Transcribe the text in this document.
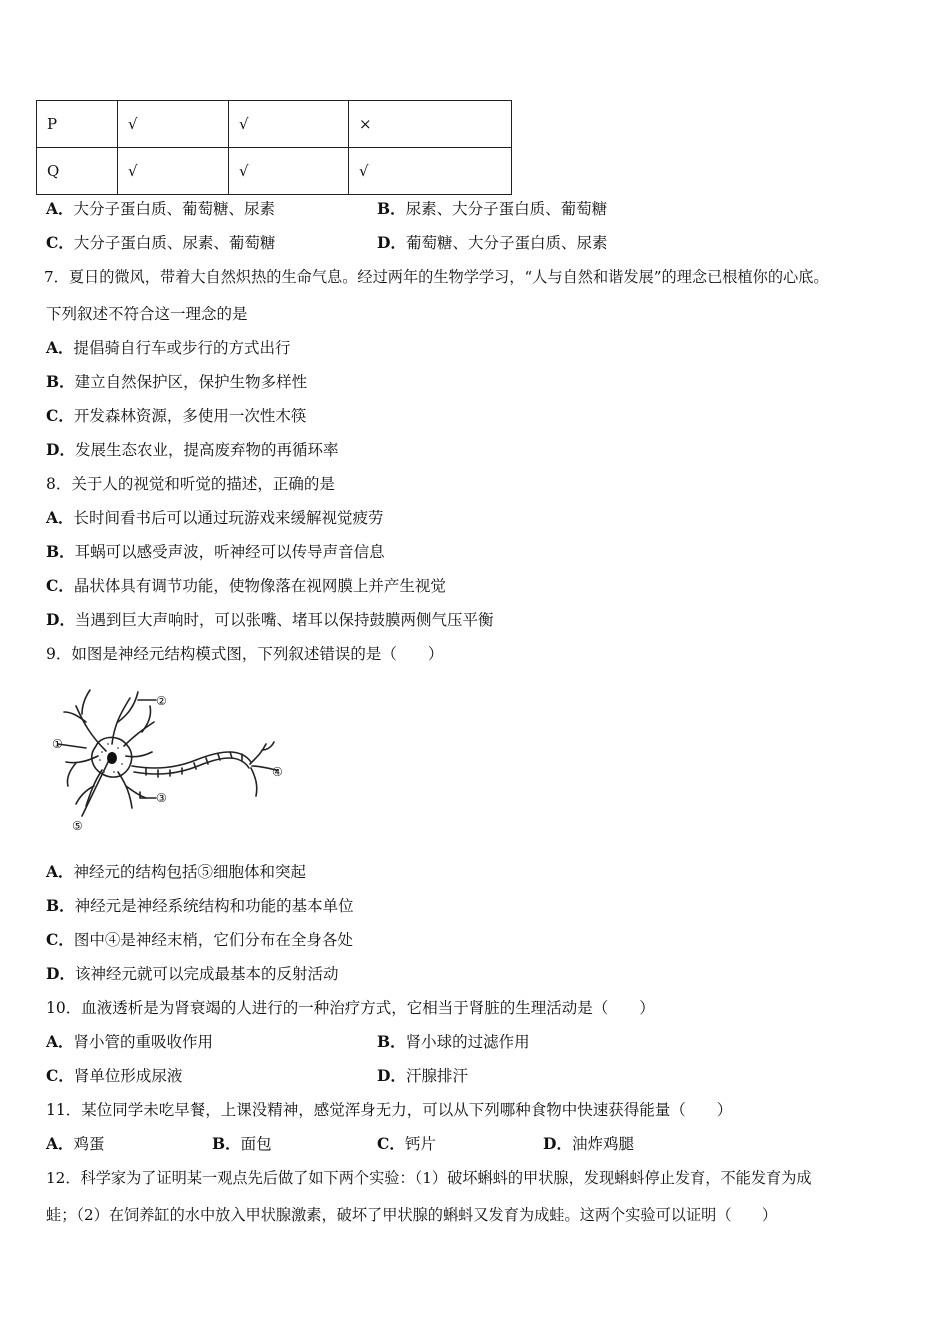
P	√	√	×
Q	√	√	√
A．大分子蛋白质、葡萄糖、尿素	B．尿素、大分子蛋白质、葡萄糖
C．大分子蛋白质、尿素、葡萄糖	D．葡萄糖、大分子蛋白质、尿素
7．夏日的微风，带着大自然炽热的生命气息。经过两年的生物学学习，“人与自然和谐发展”的理念已根植你的心底。
下列叙述不符合这一理念的是
A．提倡骑自行车或步行的方式出行
B．建立自然保护区，保护生物多样性
C．开发森林资源，多使用一次性木筷
D．发展生态农业，提高废弃物的再循环率
8．关于人的视觉和听觉的描述，正确的是
A．长时间看书后可以通过玩游戏来缓解视觉疲劳
B．耳蜗可以感受声波，听神经可以传导声音信息
C．晶状体具有调节功能，使物像落在视网膜上并产生视觉
D．当遇到巨大声响时，可以张嘴、堵耳以保持鼓膜两侧气压平衡
9．如图是神经元结构模式图，下列叙述错误的是（　　）
①
②
③
④
⑤
A．神经元的结构包括⑤细胞体和突起
B．神经元是神经系统结构和功能的基本单位
C．图中④是神经末梢，它们分布在全身各处
D．该神经元就可以完成最基本的反射活动
10．血液透析是为肾衰竭的人进行的一种治疗方式，它相当于肾脏的生理活动是（　　）
A．肾小管的重吸收作用	B．肾小球的过滤作用
C．肾单位形成尿液	D．汗腺排汗
11．某位同学未吃早餐，上课没精神，感觉浑身无力，可以从下列哪种食物中快速获得能量（　　）
A．鸡蛋	B．面包	C．钙片	D．油炸鸡腿
12．科学家为了证明某一观点先后做了如下两个实验：（1）破坏蝌蚪的甲状腺，发现蝌蚪停止发育，不能发育为成
蛙；（2）在饲养缸的水中放入甲状腺激素，破坏了甲状腺的蝌蚪又发育为成蛙。这两个实验可以证明（　　）
